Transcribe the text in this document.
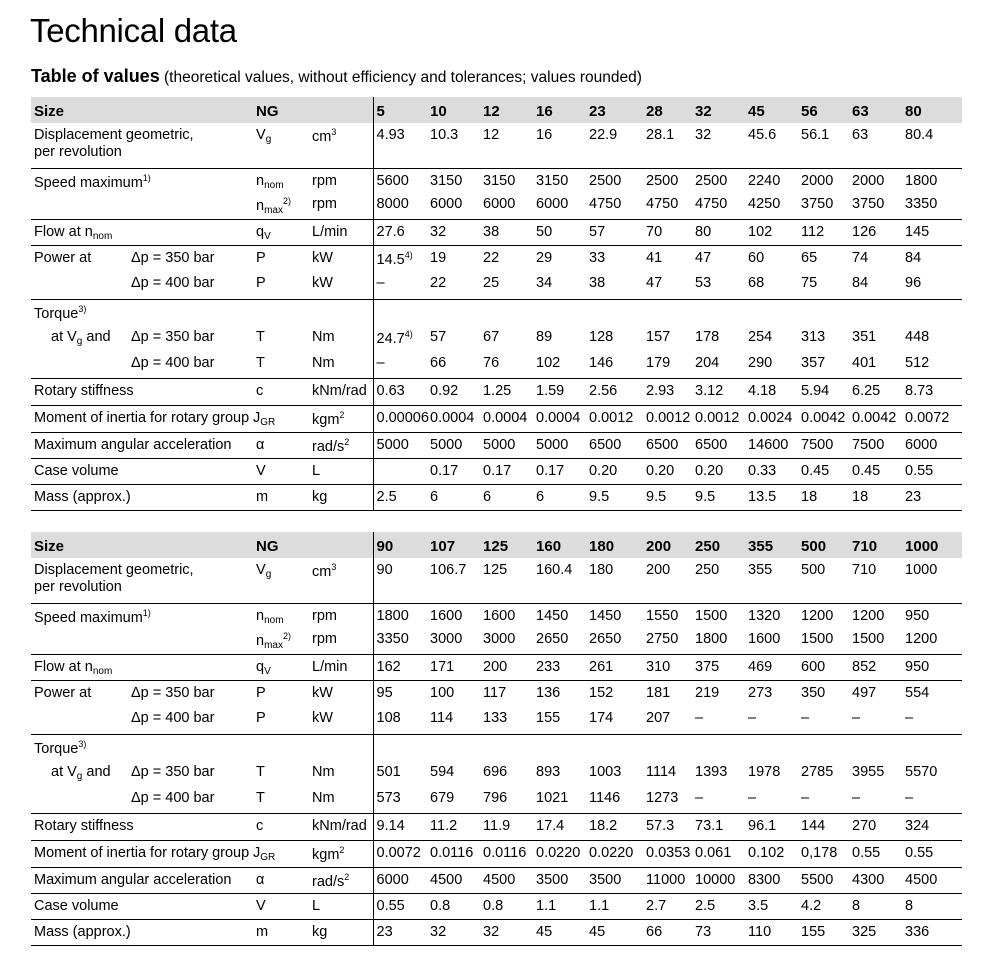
Technical data
Table of values (theoretical values, without efficiency and tolerances; values rounded)
Size		NG		5	10	12	16	23	28	32	45	56	63	80
Displacement geometric,
per revolution		$V_g$	$cm^3$	4.93	10.3	12	16	22.9	28.1	32	45.6	56.1	63	80.4
Speed maximum$^{1)}$		$n_{nom}$	rpm	5600	3150	3150	3150	2500	2500	2500	2240	2000	2000	1800
		$n_{max}^{2)}$	rpm	8000	6000	6000	6000	4750	4750	4750	4250	3750	3750	3350
Flow at $n_{nom}$		$q_V$	L/min	27.6	32	38	50	57	70	80	102	112	126	145
Power at	Δp = 350 bar	P	kW	14.5$^{4)}$	19	22	29	33	41	47	60	65	74	84
	Δp = 400 bar	P	kW	–	22	25	34	38	47	53	68	75	84	96
Torque$^{3)}$											
at $V_g$ and	Δp = 350 bar	T	Nm	24.7$^{4)}$	57	67	89	128	157	178	254	313	351	448
	Δp = 400 bar	T	Nm	–	66	76	102	146	179	204	290	357	401	512
Rotary stiffness		c	kNm/rad	0.63	0.92	1.25	1.59	2.56	2.93	3.12	4.18	5.94	6.25	8.73
Moment of inertia for rotary group		$J_{GR}$	kgm$^2$	0.00006	0.0004	0.0004	0.0004	0.0012	0.0012	0.0012	0.0024	0.0042	0.0042	0.0072
Maximum angular acceleration		α	rad/$s^2$	5000	5000	5000	5000	6500	6500	6500	14600	7500	7500	6000
Case volume		V	L		0.17	0.17	0.17	0.20	0.20	0.20	0.33	0.45	0.45	0.55
Mass (approx.)		m	kg	2.5	6	6	6	9.5	9.5	9.5	13.5	18	18	23
Size		NG		90	107	125	160	180	200	250	355	500	710	1000
Displacement geometric,
per revolution		$V_g$	$cm^3$	90	106.7	125	160.4	180	200	250	355	500	710	1000
Speed maximum$^{1)}$		$n_{nom}$	rpm	1800	1600	1600	1450	1450	1550	1500	1320	1200	1200	950
		$n_{max}^{2)}$	rpm	3350	3000	3000	2650	2650	2750	1800	1600	1500	1500	1200
Flow at $n_{nom}$		$q_V$	L/min	162	171	200	233	261	310	375	469	600	852	950
Power at	Δp = 350 bar	P	kW	95	100	117	136	152	181	219	273	350	497	554
	Δp = 400 bar	P	kW	108	114	133	155	174	207	–	–	–	–	–
Torque$^{3)}$											
at $V_g$ and	Δp = 350 bar	T	Nm	501	594	696	893	1003	1114	1393	1978	2785	3955	5570
	Δp = 400 bar	T	Nm	573	679	796	1021	1146	1273	–	–	–	–	–
Rotary stiffness		c	kNm/rad	9.14	11.2	11.9	17.4	18.2	57.3	73.1	96.1	144	270	324
Moment of inertia for rotary group		$J_{GR}$	kgm$^2$	0.0072	0.0116	0.0116	0.0220	0.0220	0.0353	0.061	0.102	0,178	0.55	0.55
Maximum angular acceleration		α	rad/$s^2$	6000	4500	4500	3500	3500	11000	10000	8300	5500	4300	4500
Case volume		V	L	0.55	0.8	0.8	1.1	1.1	2.7	2.5	3.5	4.2	8	8
Mass (approx.)		m	kg	23	32	32	45	45	66	73	110	155	325	336
